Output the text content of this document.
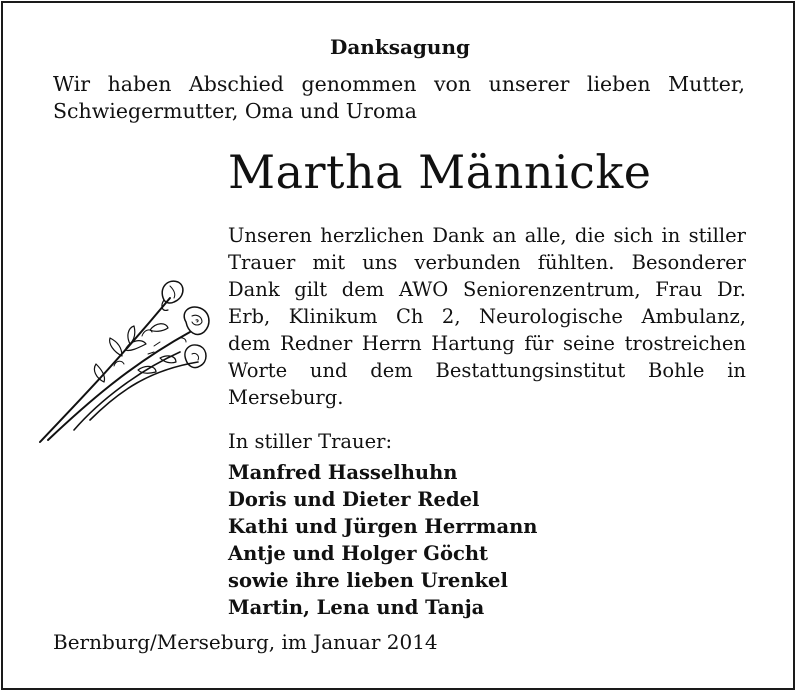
Danksagung
Wir haben Abschied genommen von unserer lieben Mutter,
Schwiegermutter, Oma und Uroma
Martha Männicke
Unseren herzlichen Dank an alle, die sich in stiller
Trauer mit uns verbunden fühlten. Besonderer
Dank gilt dem AWO Seniorenzentrum, Frau Dr.
Erb, Klinikum Ch 2, Neurologische Ambulanz,
dem Redner Herrn Hartung für seine trostreichen
Worte und dem Bestattungsinstitut Bohle in
Merseburg.
In stiller Trauer:
Manfred Hasselhuhn
Doris und Dieter Redel
Kathi und Jürgen Herrmann
Antje und Holger Göcht
sowie ihre lieben Urenkel
Martin, Lena und Tanja
Bernburg/Merseburg, im Januar 2014
